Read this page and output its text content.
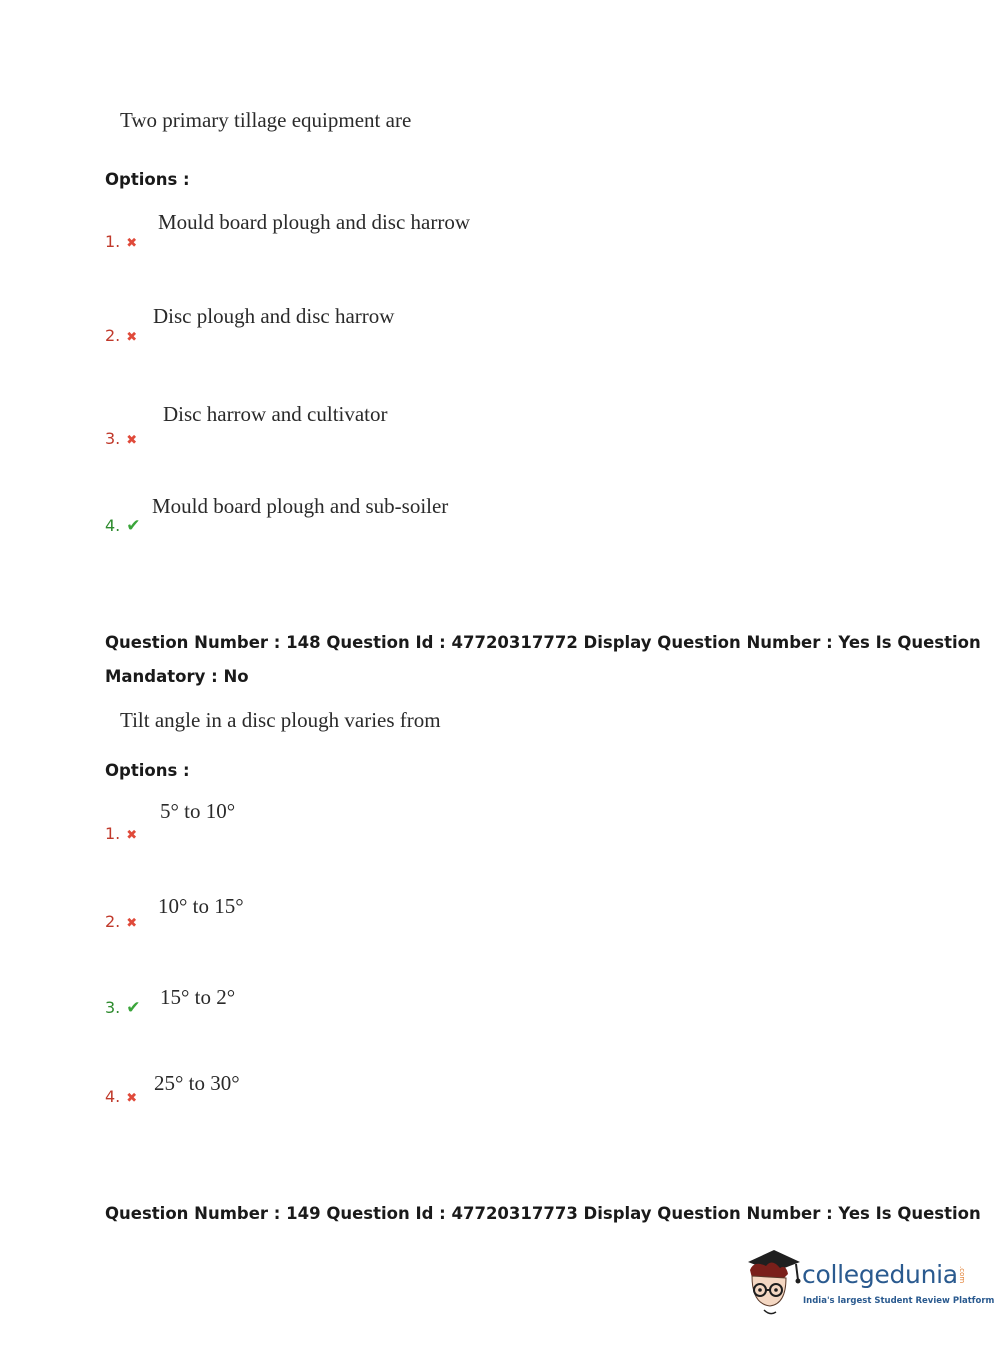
Two primary tillage equipment are
Options :
1. ✖
Mould board plough and disc harrow
2. ✖
Disc plough and disc harrow
3. ✖
Disc harrow and cultivator
4. ✔
Mould board plough and sub-soiler
Question Number : 148 Question Id : 47720317772 Display Question Number : Yes Is Question
Mandatory : No
Tilt angle in a disc plough varies from
Options :
1. ✖
5° to 10°
2. ✖
10° to 15°
3. ✔ 15° to 2°
4. ✖
25° to 30°
Question Number : 149 Question Id : 47720317773 Display Question Number : Yes Is Question
collegedunia .com
India's largest Student Review Platform
